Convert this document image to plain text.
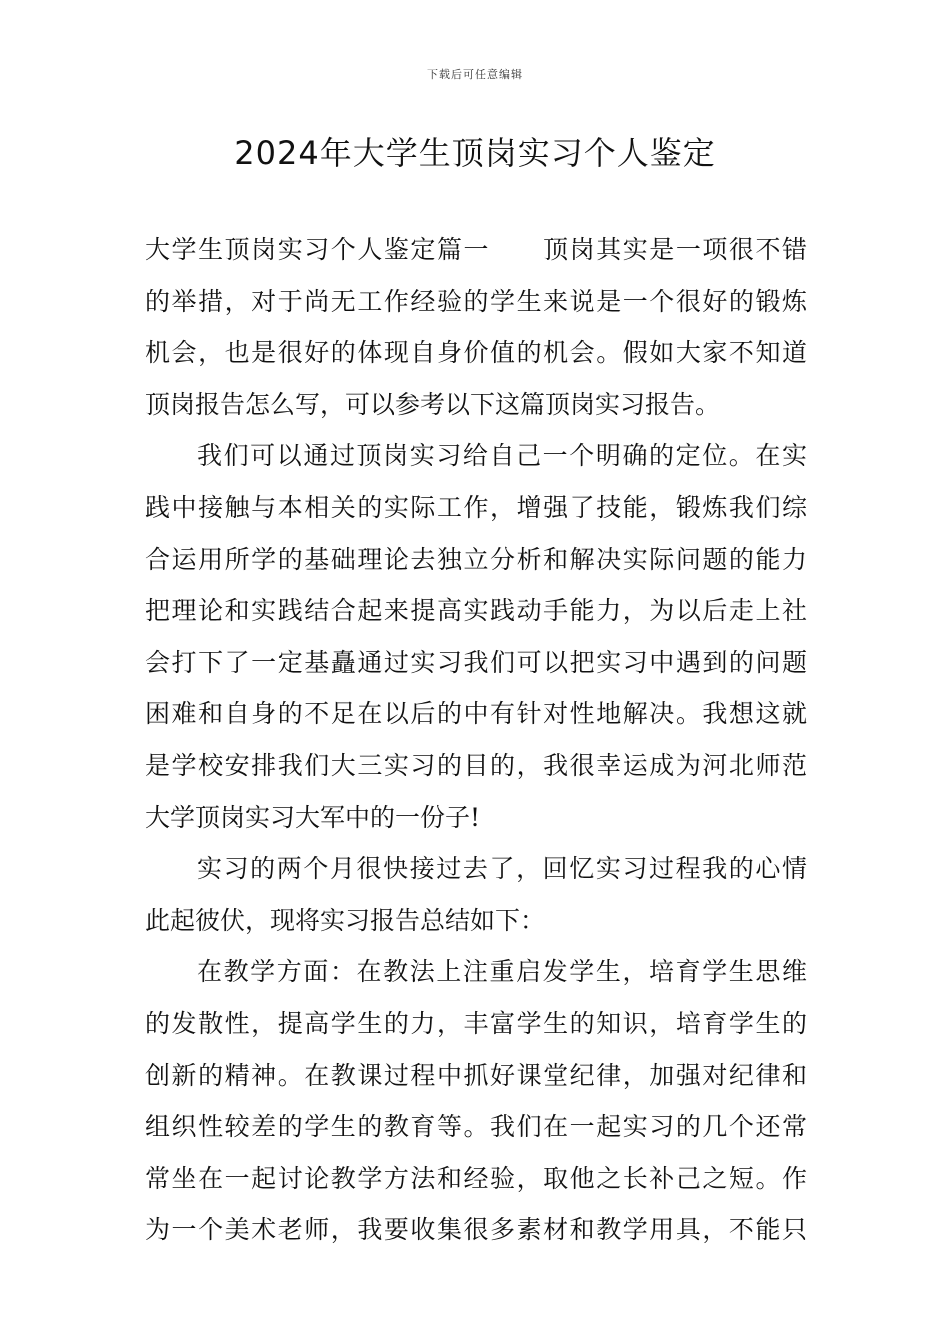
下载后可任意编辑
2024年大学生顶岗实习个人鉴定
大学生顶岗实习个人鉴定篇一　　顶岗其实是一项很不错
的举措，对于尚无工作经验的学生来说是一个很好的锻炼
机会，也是很好的体现自身价值的机会。假如大家不知道
顶岗报告怎么写，可以参考以下这篇顶岗实习报告。
我们可以通过顶岗实习给自己一个明确的定位。在实
践中接触与本相关的实际工作，增强了技能，锻炼我们综
合运用所学的基础理论去独立分析和解决实际问题的能力
把理论和实践结合起来提高实践动手能力，为以后走上社
会打下了一定基矗通过实习我们可以把实习中遇到的问题
困难和自身的不足在以后的中有针对性地解决。我想这就
是学校安排我们大三实习的目的，我很幸运成为河北师范
大学顶岗实习大军中的一份子!
实习的两个月很快接过去了，回忆实习过程我的心情
此起彼伏，现将实习报告总结如下：
在教学方面：在教法上注重启发学生，培育学生思维
的发散性，提高学生的力，丰富学生的知识，培育学生的
创新的精神。在教课过程中抓好课堂纪律，加强对纪律和
组织性较差的学生的教育等。我们在一起实习的几个还常
常坐在一起讨论教学方法和经验，取他之长补己之短。作
为一个美术老师，我要收集很多素材和教学用具，不能只
